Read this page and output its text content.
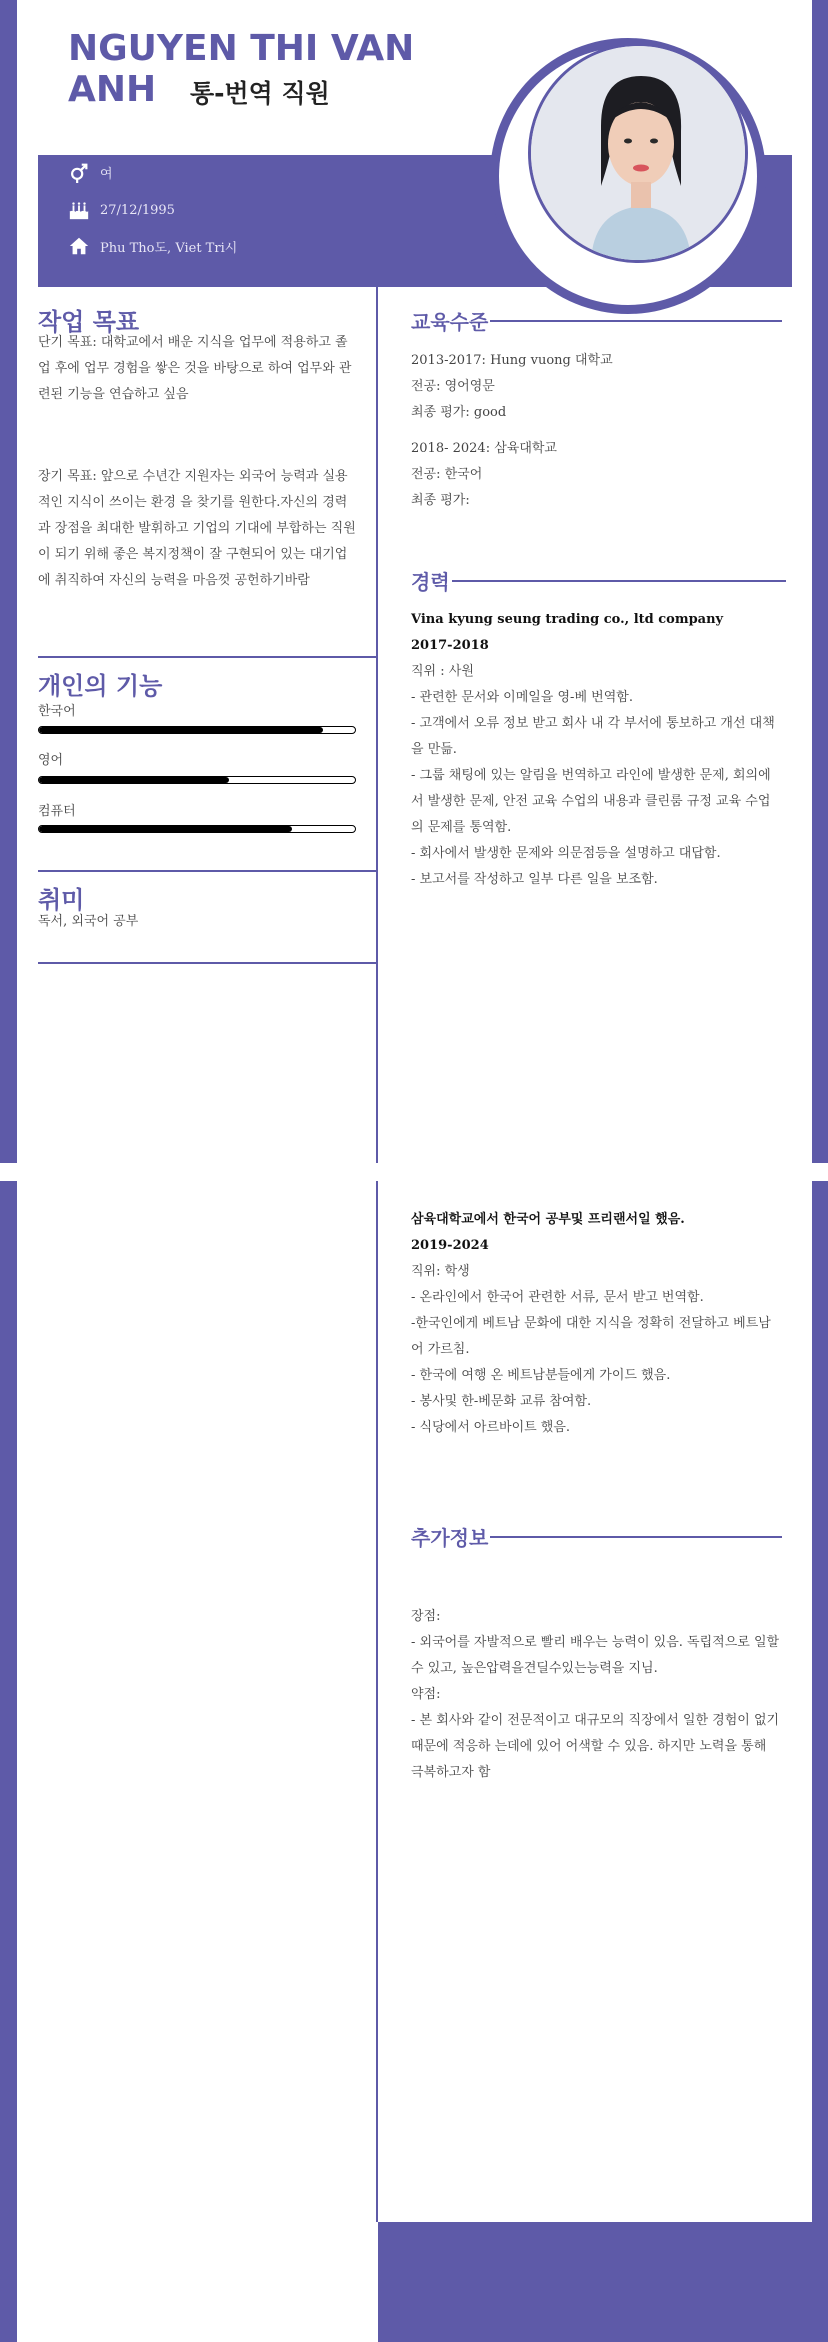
NGUYEN THI VAN ANH	통-번역 직원
여
27/12/1995
Phu Tho도, Viet Tri시
작업 목표
단기 목표: 대학교에서 배운 지식을 업무에 적용하고 졸업 후에 업무 경험을 쌓은 것을 바탕으로 하여 업무와 관련된 기능을 연습하고 싶음
장기 목표: 앞으로 수년간 지원자는 외국어 능력과 실용적인 지식이 쓰이는 환경 을 찾기를 원한다.자신의 경력과 장점을 최대한 발휘하고 기업의 기대에 부합하는 직원이 되기 위해 좋은 복지정책이 잘 구현되어 있는 대기업에 취직하여 자신의 능력을 마음껏 공헌하기바람
개인의 기능
한국어
영어
컴퓨터
취미
독서, 외국어 공부
교육수준
2013-2017: Hung vuong 대학교
전공: 영어영문
최종 평가: good
2018- 2024: 삼육대학교
전공: 한국어
최종 평가:
경력
Vina kyung seung trading co., ltd company
2017-2018
직위 : 사원
- 관련한 문서와 이메일을 영-베 번역함.
- 고객에서 오류 정보 받고 회사 내 각 부서에 통보하고 개선 대책을 만듦.
- 그룹 채팅에 있는 알림을 번역하고 라인에 발생한 문제, 회의에서 발생한 문제, 안전 교육 수업의 내용과 클린룸 규정 교육 수업의 문제를 통역함.
- 회사에서 발생한 문제와 의문점등을 설명하고 대답함.
- 보고서를 작성하고 일부 다른 일을 보조함.
삼육대학교에서 한국어 공부및 프리랜서일 했음.
2019-2024
직위: 학생
- 온라인에서 한국어 관련한 서류, 문서 받고 번역함.
-한국인에게 베트남 문화에 대한 지식을 정확히 전달하고 베트남어 가르침.
- 한국에 여행 온 베트남분들에게 가이드 했음.
- 봉사및 한-베문화 교류 참여함.
- 식당에서 아르바이트 했음.
추가정보
장점:
- 외국어를 자발적으로 빨리 배우는 능력이 있음. 독립적으로 일할 수 있고, 높은압력을견딜수있는능력을 지님.
약점:
- 본 회사와 같이 전문적이고 대규모의 직장에서 일한 경험이 없기 때문에 적응하 는데에 있어 어색할 수 있음. 하지만 노력을 통해 극복하고자 함
